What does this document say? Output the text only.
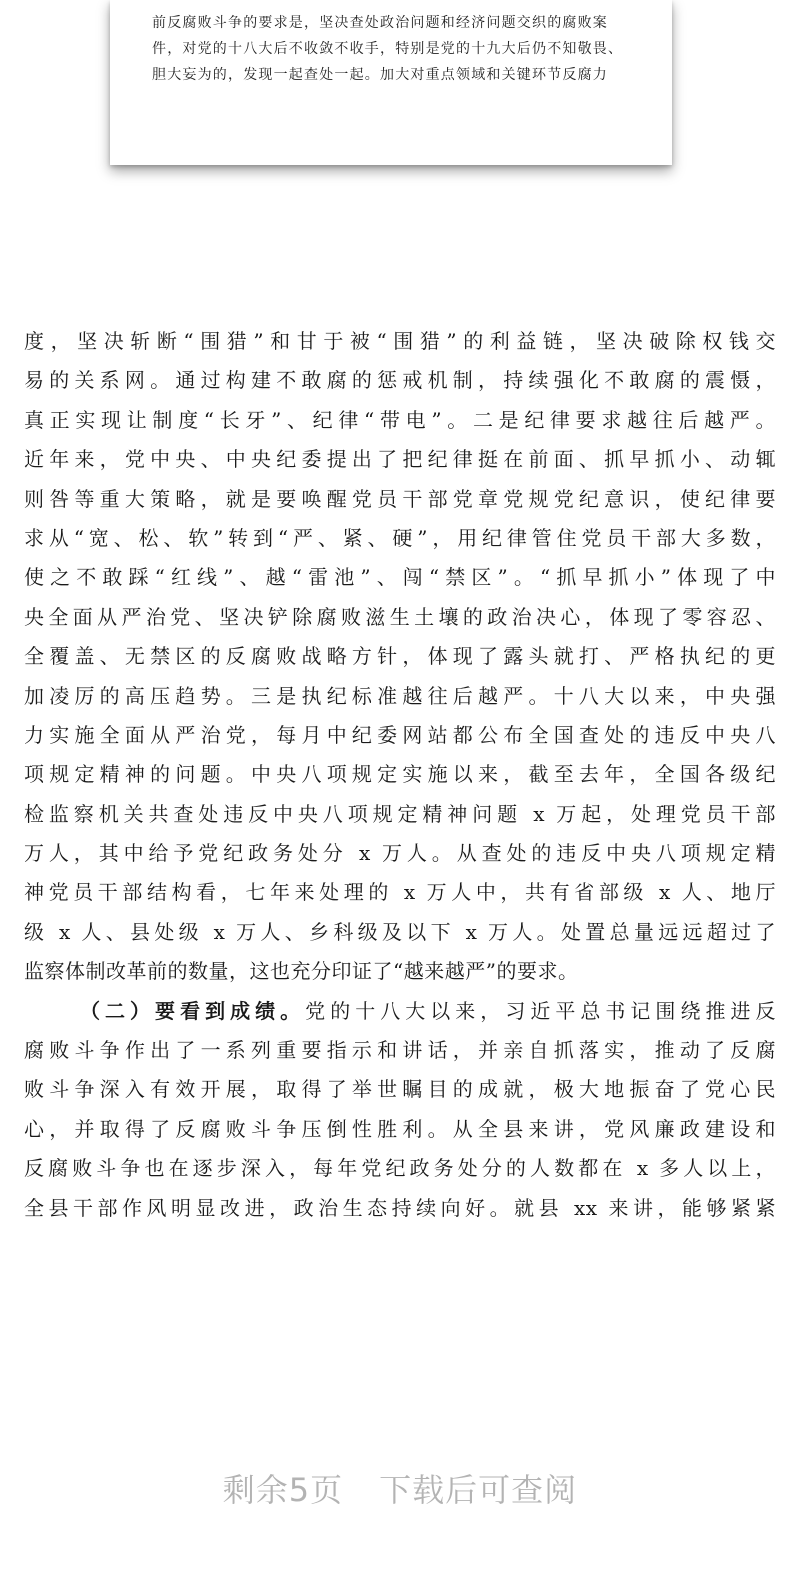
前反腐败斗争的要求是，坚决查处政治问题和经济问题交织的腐败案
件，对党的十八大后不收敛不收手，特别是党的十九大后仍不知敬畏、
胆大妄为的，发现一起查处一起。加大对重点领域和关键环节反腐力
度，坚决斩断“围猎”和甘于被“围猎”的利益链，坚决破除权钱交
易的关系网。通过构建不敢腐的惩戒机制，持续强化不敢腐的震慑，
真正实现让制度“长牙”、纪律“带电”。二是纪律要求越往后越严。
近年来，党中央、中央纪委提出了把纪律挺在前面、抓早抓小、动辄
则咎等重大策略，就是要唤醒党员干部党章党规党纪意识，使纪律要
求从“宽、松、软”转到“严、紧、硬”，用纪律管住党员干部大多数，
使之不敢踩“红线”、越“雷池”、闯“禁区”。“抓早抓小”体现了中
央全面从严治党、坚决铲除腐败滋生土壤的政治决心，体现了零容忍、
全覆盖、无禁区的反腐败战略方针，体现了露头就打、严格执纪的更
加凌厉的高压趋势。三是执纪标准越往后越严。十八大以来，中央强
力实施全面从严治党，每月中纪委网站都公布全国查处的违反中央八
项规定精神的问题。中央八项规定实施以来，截至去年，全国各级纪
检监察机关共查处违反中央八项规定精神问题 x 万起，处理党员干部
万人，其中给予党纪政务处分 x 万人。从查处的违反中央八项规定精
神党员干部结构看，七年来处理的 x 万人中，共有省部级 x 人、地厅
级 x 人、县处级 x 万人、乡科级及以下 x 万人。处置总量远远超过了
监察体制改革前的数量，这也充分印证了“越来越严”的要求。
（二）要看到成绩。党的十八大以来，习近平总书记围绕推进反
腐败斗争作出了一系列重要指示和讲话，并亲自抓落实，推动了反腐
败斗争深入有效开展，取得了举世瞩目的成就，极大地振奋了党心民
心，并取得了反腐败斗争压倒性胜利。从全县来讲，党风廉政建设和
反腐败斗争也在逐步深入，每年党纪政务处分的人数都在 x 多人以上，
全县干部作风明显改进，政治生态持续向好。就县 xx 来讲，能够紧紧
剩余5页 下载后可查阅
